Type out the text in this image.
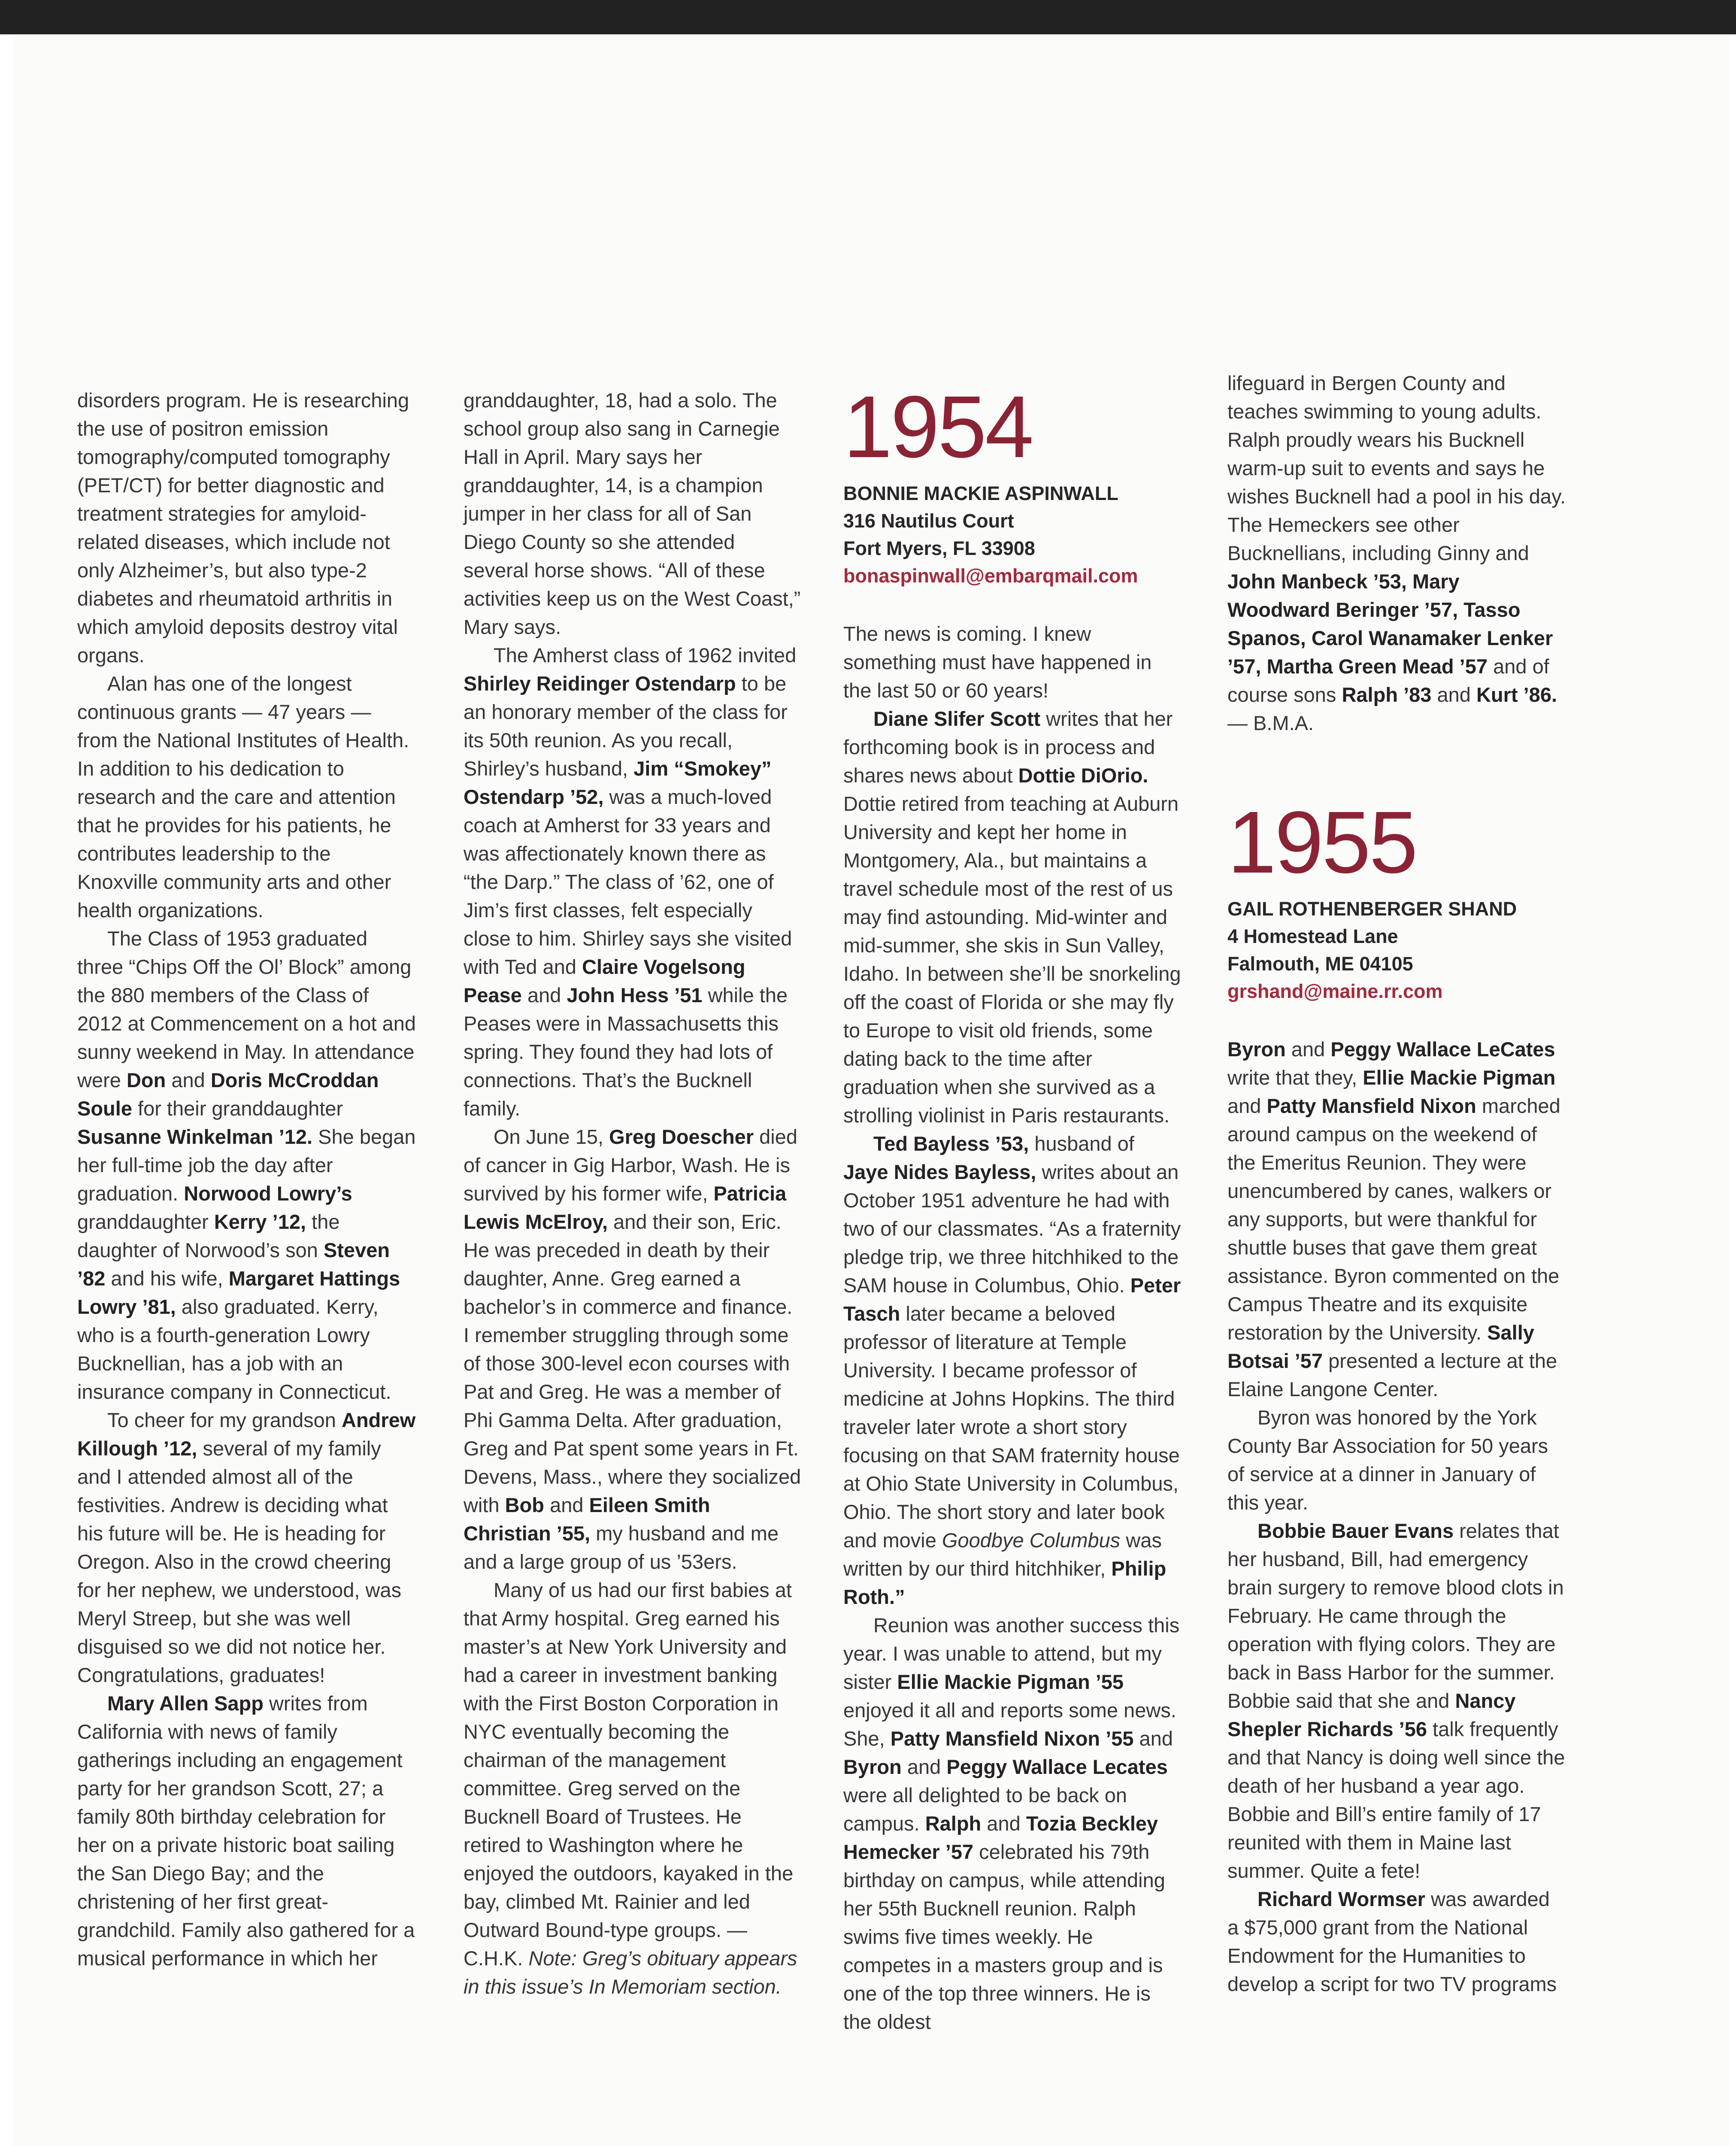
disorders program. He is researching the use of positron emission tomography/computed tomography (PET/CT) for better diagnostic and treatment strategies for amyloid-related diseases, which include not only Alzheimer’s, but also type-2 diabetes and rheumatoid arthritis in which amyloid deposits destroy vital organs.

Alan has one of the longest continuous grants — 47 years — from the National Institutes of Health. In addition to his dedication to research and the care and attention that he provides for his patients, he contributes leadership to the Knoxville community arts and other health organizations.

The Class of 1953 graduated three “Chips Off the Ol’ Block” among the 880 members of the Class of 2012 at Commencement on a hot and sunny weekend in May. In attendance were Don and Doris McCroddan Soule for their granddaughter Susanne Winkelman ’12. She began her full-time job the day after graduation. Norwood Lowry’s granddaughter Kerry ’12, the daughter of Norwood’s son Steven ’82 and his wife, Margaret Hattings Lowry ’81, also graduated. Kerry, who is a fourth-generation Lowry Bucknellian, has a job with an insurance company in Connecticut.

To cheer for my grandson Andrew Killough ’12, several of my family and I attended almost all of the festivities. Andrew is deciding what his future will be. He is heading for Oregon. Also in the crowd cheering for her nephew, we understood, was Meryl Streep, but she was well disguised so we did not notice her. Congratulations, graduates!

Mary Allen Sapp writes from California with news of family gatherings including an engagement party for her grandson Scott, 27; a family 80th birthday celebration for her on a private historic boat sailing the San Diego Bay; and the christening of her first great-grandchild. Family also gathered for a musical performance in which her

granddaughter, 18, had a solo. The school group also sang in Carnegie Hall in April. Mary says her granddaughter, 14, is a champion jumper in her class for all of San Diego County so she attended several horse shows. “All of these activities keep us on the West Coast,” Mary says.

The Amherst class of 1962 invited Shirley Reidinger Ostendarp to be an honorary member of the class for its 50th reunion. As you recall, Shirley’s husband, Jim “Smokey” Ostendarp ’52, was a much-loved coach at Amherst for 33 years and was affectionately known there as “the Darp.” The class of ’62, one of Jim’s first classes, felt especially close to him. Shirley says she visited with Ted and Claire Vogelsong Pease and John Hess ’51 while the Peases were in Massachusetts this spring. They found they had lots of connections. That’s the Bucknell family.

On June 15, Greg Doescher died of cancer in Gig Harbor, Wash. He is survived by his former wife, Patricia Lewis McElroy, and their son, Eric. He was preceded in death by their daughter, Anne. Greg earned a bachelor’s in commerce and finance. I remember struggling through some of those 300-level econ courses with Pat and Greg. He was a member of Phi Gamma Delta. After graduation, Greg and Pat spent some years in Ft. Devens, Mass., where they socialized with Bob and Eileen Smith Christian ’55, my husband and me and a large group of us ’53ers.

Many of us had our first babies at that Army hospital. Greg earned his master’s at New York University and had a career in investment banking with the First Boston Corporation in NYC eventually becoming the chairman of the management committee. Greg served on the Bucknell Board of Trustees. He retired to Washington where he enjoyed the outdoors, kayaked in the bay, climbed Mt. Rainier and led Outward Bound-type groups. — C.H.K. Note: Greg’s obituary appears in this issue’s In Memoriam section.

1954
BONNIE MACKIE ASPINWALL
316 Nautilus Court
Fort Myers, FL 33908
bonaspinwall@embarqmail.com

The news is coming. I knew something must have happened in the last 50 or 60 years!

Diane Slifer Scott writes that her forthcoming book is in process and shares news about Dottie DiOrio. Dottie retired from teaching at Auburn University and kept her home in Montgomery, Ala., but maintains a travel schedule most of the rest of us may find astounding. Mid-winter and mid-summer, she skis in Sun Valley, Idaho. In between she’ll be snorkeling off the coast of Florida or she may fly to Europe to visit old friends, some dating back to the time after graduation when she survived as a strolling violinist in Paris restaurants.

Ted Bayless ’53, husband of Jaye Nides Bayless, writes about an October 1951 adventure he had with two of our classmates. “As a fraternity pledge trip, we three hitchhiked to the SAM house in Columbus, Ohio. Peter Tasch later became a beloved professor of literature at Temple University. I became professor of medicine at Johns Hopkins. The third traveler later wrote a short story focusing on that SAM fraternity house at Ohio State University in Columbus, Ohio. The short story and later book and movie Goodbye Columbus was written by our third hitchhiker, Philip Roth.”

Reunion was another success this year. I was unable to attend, but my sister Ellie Mackie Pigman ’55 enjoyed it all and reports some news. She, Patty Mansfield Nixon ’55 and Byron and Peggy Wallace Lecates were all delighted to be back on campus. Ralph and Tozia Beckley Hemecker ’57 celebrated his 79th birthday on campus, while attending her 55th Bucknell reunion. Ralph swims five times weekly. He competes in a masters group and is one of the top three winners. He is the oldest

lifeguard in Bergen County and teaches swimming to young adults. Ralph proudly wears his Bucknell warm-up suit to events and says he wishes Bucknell had a pool in his day. The Hemeckers see other Bucknellians, including Ginny and John Manbeck ’53, Mary Woodward Beringer ’57, Tasso Spanos, Carol Wanamaker Lenker ’57, Martha Green Mead ’57 and of course sons Ralph ’83 and Kurt ’86.

— B.M.A.

1955
GAIL ROTHENBERGER SHAND
4 Homestead Lane
Falmouth, ME 04105
grshand@maine.rr.com

Byron and Peggy Wallace LeCates write that they, Ellie Mackie Pigman and Patty Mansfield Nixon marched around campus on the weekend of the Emeritus Reunion. They were unencumbered by canes, walkers or any supports, but were thankful for shuttle buses that gave them great assistance. Byron commented on the Campus Theatre and its exquisite restoration by the University. Sally Botsai ’57 presented a lecture at the Elaine Langone Center.

Byron was honored by the York County Bar Association for 50 years of service at a dinner in January of this year.

Bobbie Bauer Evans relates that her husband, Bill, had emergency brain surgery to remove blood clots in February. He came through the operation with flying colors. They are back in Bass Harbor for the summer. Bobbie said that she and Nancy Shepler Richards ’56 talk frequently and that Nancy is doing well since the death of her husband a year ago. Bobbie and Bill’s entire family of 17 reunited with them in Maine last summer. Quite a fete!

Richard Wormser was awarded a $75,000 grant from the National Endowment for the Humanities to develop a script for two TV programs
